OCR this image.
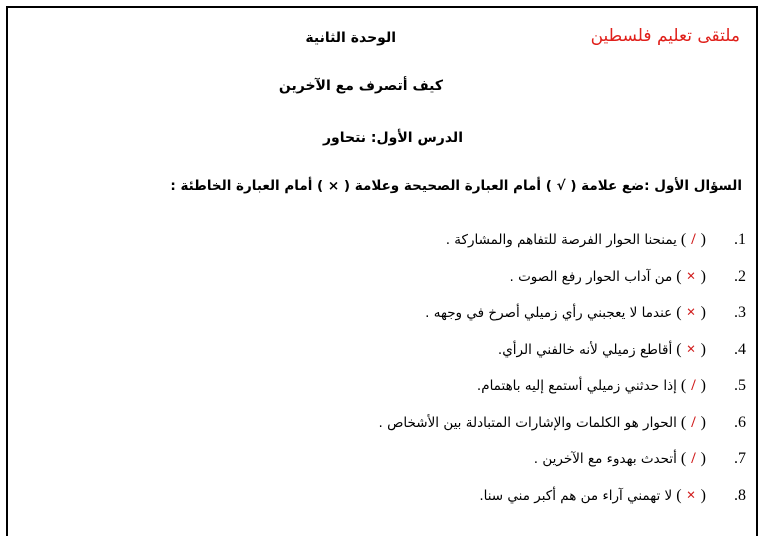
ملتقى تعليم فلسطين
الوحدة الثانية
كيف أتصرف مع الآخرين
الدرس الأول: نتحاور
السؤال الأول :ضع علامة ( √ ) أمام العبارة الصحيحة وعلامة ( × ) أمام العبارة الخاطئة :
.1
( / )
يمنحنا الحوار الفرصة للتفاهم والمشاركة .
.2
( × )
من آداب الحوار رفع الصوت .
.3
( × )
عندما لا يعجبني رأي زميلي أصرخ في وجهه .
.4
( × )
أقاطع زميلي لأنه خالفني الرأي.
.5
( / )
إذا حدثني زميلي أستمع إليه باهتمام.
.6
( / )
الحوار هو الكلمات والإشارات المتبادلة بين الأشخاص .
.7
( / )
أتحدث بهدوء مع الآخرين .
.8
( × )
لا تهمني آراء من هم أكبر مني سنا.
